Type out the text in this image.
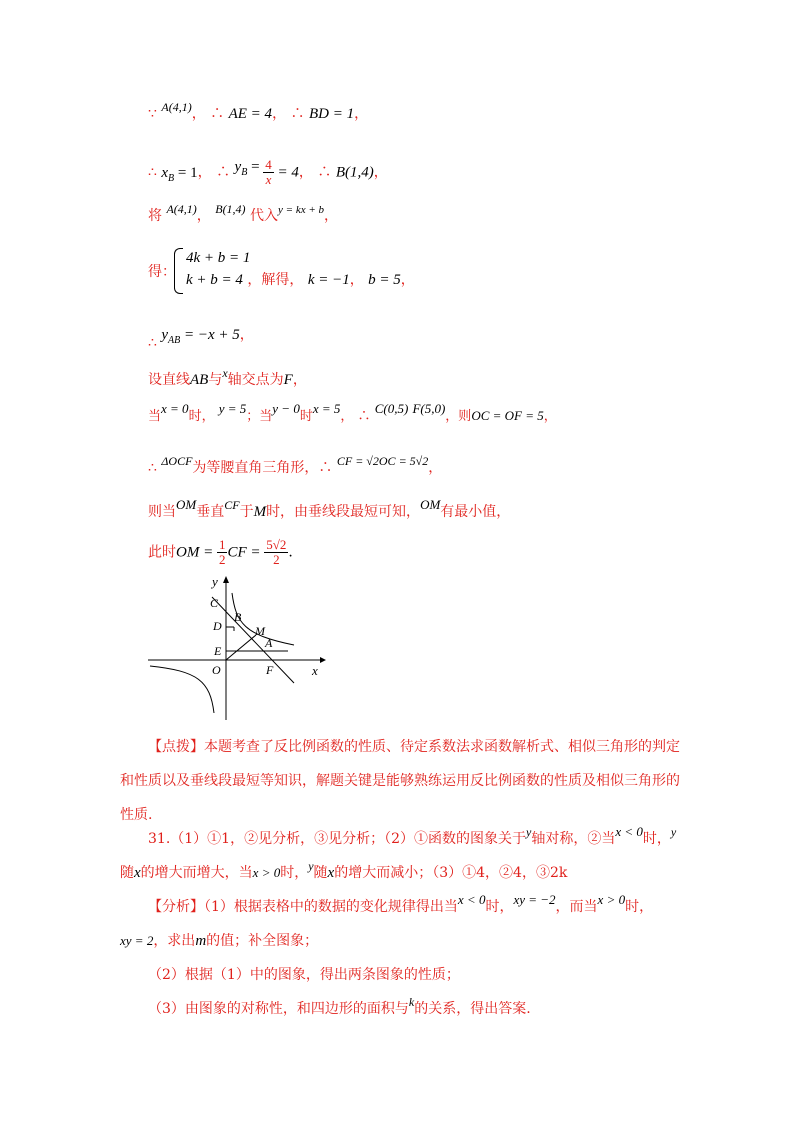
∵ A(4,1)， ∴ AE = 4， ∴ BD = 1，
∴ $x_B = 1$， ∴ $y_B = \frac{4}{x} = 4$， ∴ B(1,4)，
将 A(4,1)， B(1,4) 代入$^{y = kx + b}$，
得：
4k + b = 1
k + b = 4 ，解得， k = −1， b = 5，
∴ $y_{AB} = -x + 5$，
设直线AB与x轴交点为F，
当x = 0时， y = 5；当y − 0时x = 5， ∴ C(0,5) F(5,0)，则OC = OF = 5，
∴ ΔOCF为等腰直角三角形，∴ CF = √2OC = 5√2，
则当OM垂直CF于M时，由垂线段最短可知，OM有最小值，
此时OM = $\frac{1}{2}$ CF = $\frac{5√2}{2}$ .
y
x
C
D
B
M
A
E
O	F
【点拨】本题考查了反比例函数的性质、待定系数法求函数解析式、相似三角形的判定和性质以及垂线段最短等知识，解题关键是能够熟练运用反比例函数的性质及相似三角形的性质.
31.（1）①1，②见分析，③见分析；（2）①函数的图象关于y轴对称，②当x < 0时，y随x的增大而增大，当x > 0时，y随x的增大而减小；（3）①4，②4，③2k
【分析】（1）根据表格中的数据的变化规律得出当x < 0时，xy = −2，而当x > 0时，
xy = 2，求出m的值；补全图象；
（2）根据（1）中的图象，得出两条图象的性质；
（3）由图象的对称性，和四边形的面积与k的关系，得出答案.
